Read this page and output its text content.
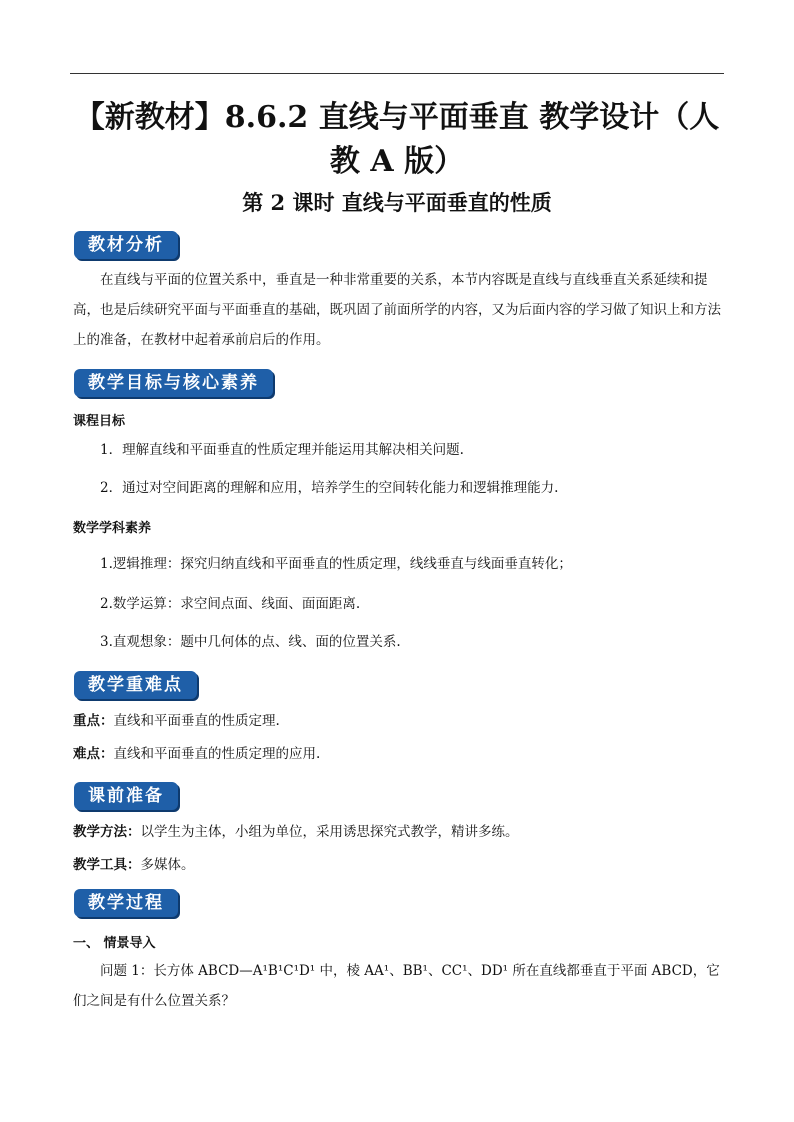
【新教材】8.6.2 直线与平面垂直 教学设计（人
教 A 版）
第 2 课时 直线与平面垂直的性质
教材分析
在直线与平面的位置关系中，垂直是一种非常重要的关系，本节内容既是直线与直线垂直关系延续和提高，也是后续研究平面与平面垂直的基础，既巩固了前面所学的内容，又为后面内容的学习做了知识上和方法上的准备，在教材中起着承前启后的作用。
教学目标与核心素养
课程目标
1．理解直线和平面垂直的性质定理并能运用其解决相关问题.
2．通过对空间距离的理解和应用，培养学生的空间转化能力和逻辑推理能力.
数学学科素养
1.逻辑推理：探究归纳直线和平面垂直的性质定理，线线垂直与线面垂直转化；
2.数学运算：求空间点面、线面、面面距离.
3.直观想象：题中几何体的点、线、面的位置关系.
教学重难点
重点：直线和平面垂直的性质定理.
难点：直线和平面垂直的性质定理的应用.
课前准备
教学方法：以学生为主体，小组为单位，采用诱思探究式教学，精讲多练。
教学工具：多媒体。
教学过程
一、 情景导入
问题 1：长方体 ABCD—A¹B¹C¹D¹ 中，棱 AA¹、BB¹、CC¹、DD¹ 所在直线都垂直于平面 ABCD，它们之间是有什么位置关系？
